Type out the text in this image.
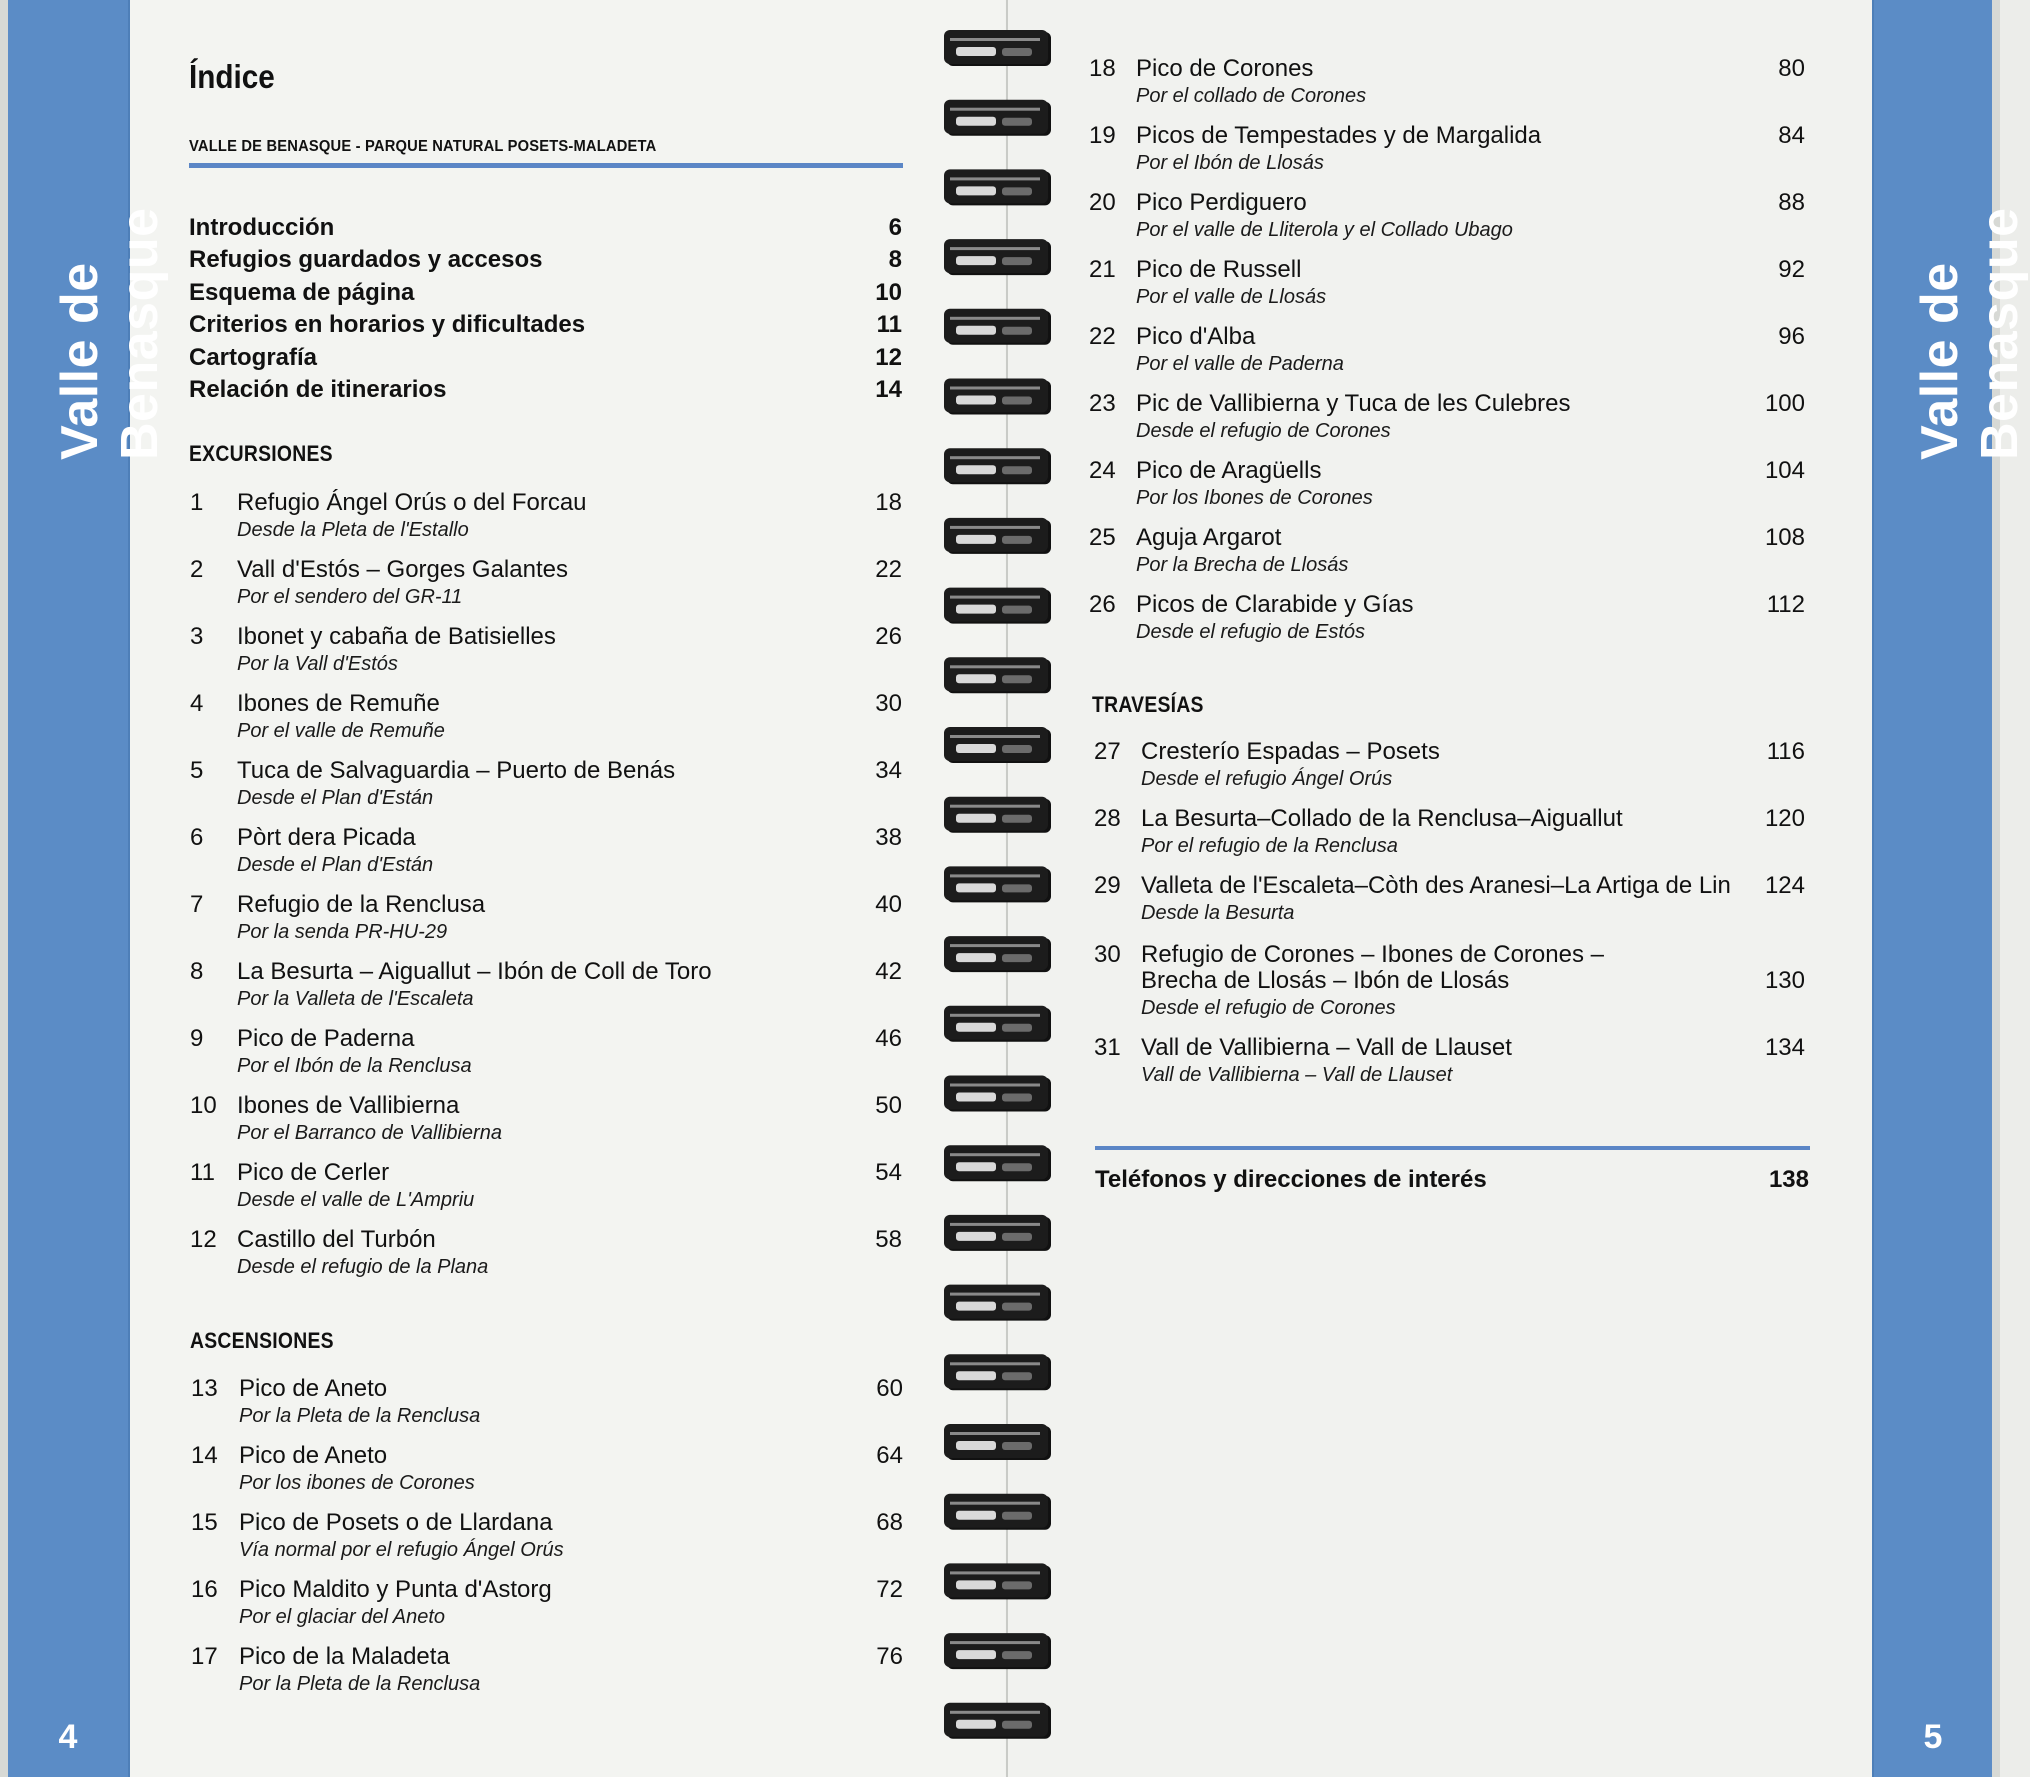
Valle de Benasque
4
Índice
VALLE DE BENASQUE - PARQUE NATURAL POSETS-MALADETA
Introducción	6
Refugios guardados y accesos	8
Esquema de página	10
Criterios en horarios y dificultades	11
Cartografía	12
Relación de itinerarios	14
EXCURSIONES
ASCENSIONES
1 Refugio Ángel Orús o del Forcau
Desde la Pleta de l'Estallo
18
2 Vall d'Estós – Gorges Galantes
Por el sendero del GR-11
22
3 Ibonet y cabaña de Batisielles
Por la Vall d'Estós
26
4 Ibones de Remuñe
Por el valle de Remuñe
30
5 Tuca de Salvaguardia – Puerto de Benás
Desde el Plan d'Están
34
6 Pòrt dera Picada
Desde el Plan d'Están
38
7 Refugio de la Renclusa
Por la senda PR-HU-29
40
8 La Besurta – Aiguallut – Ibón de Coll de Toro
Por la Valleta de l'Escaleta
42
9 Pico de Paderna
Por el Ibón de la Renclusa
46
10 Ibones de Vallibierna
Por el Barranco de Vallibierna
50
11 Pico de Cerler
Desde el valle de L'Ampriu
54
12 Castillo del Turbón
Desde el refugio de la Plana
58
13 Pico de Aneto
Por la Pleta de la Renclusa
60
14 Pico de Aneto
Por los ibones de Corones
64
15 Pico de Posets o de Llardana
Vía normal por el refugio Ángel Orús
68
16 Pico Maldito y Punta d'Astorg
Por el glaciar del Aneto
72
17 Pico de la Maladeta
Por la Pleta de la Renclusa
76
Valle de Benasque
5
TRAVESÍAS
18 Pico de Corones
Por el collado de Corones
80
19 Picos de Tempestades y de Margalida
Por el Ibón de Llosás
84
20 Pico Perdiguero
Por el valle de Lliterola y el Collado Ubago
88
21 Pico de Russell
Por el valle de Llosás
92
22 Pico d'Alba
Por el valle de Paderna
96
23 Pic de Vallibierna y Tuca de les Culebres
Desde el refugio de Corones
100
24 Pico de Aragüells
Por los Ibones de Corones
104
25 Aguja Argarot
Por la Brecha de Llosás
108
26 Picos de Clarabide y Gías
Desde el refugio de Estós
112
27 Cresterío Espadas – Posets
Desde el refugio Ángel Orús
116
28 La Besurta–Collado de la Renclusa–Aiguallut
Por el refugio de la Renclusa
120
29 Valleta de l'Escaleta–Còth des Aranesi–La Artiga de Lin
Desde la Besurta
124
30 Refugio de Corones – Ibones de Corones –
Brecha de Llosás – Ibón de Llosás
Desde el refugio de Corones
130
31 Vall de Vallibierna – Vall de Llauset
Vall de Vallibierna – Vall de Llauset
134
Teléfonos y direcciones de interés	138
